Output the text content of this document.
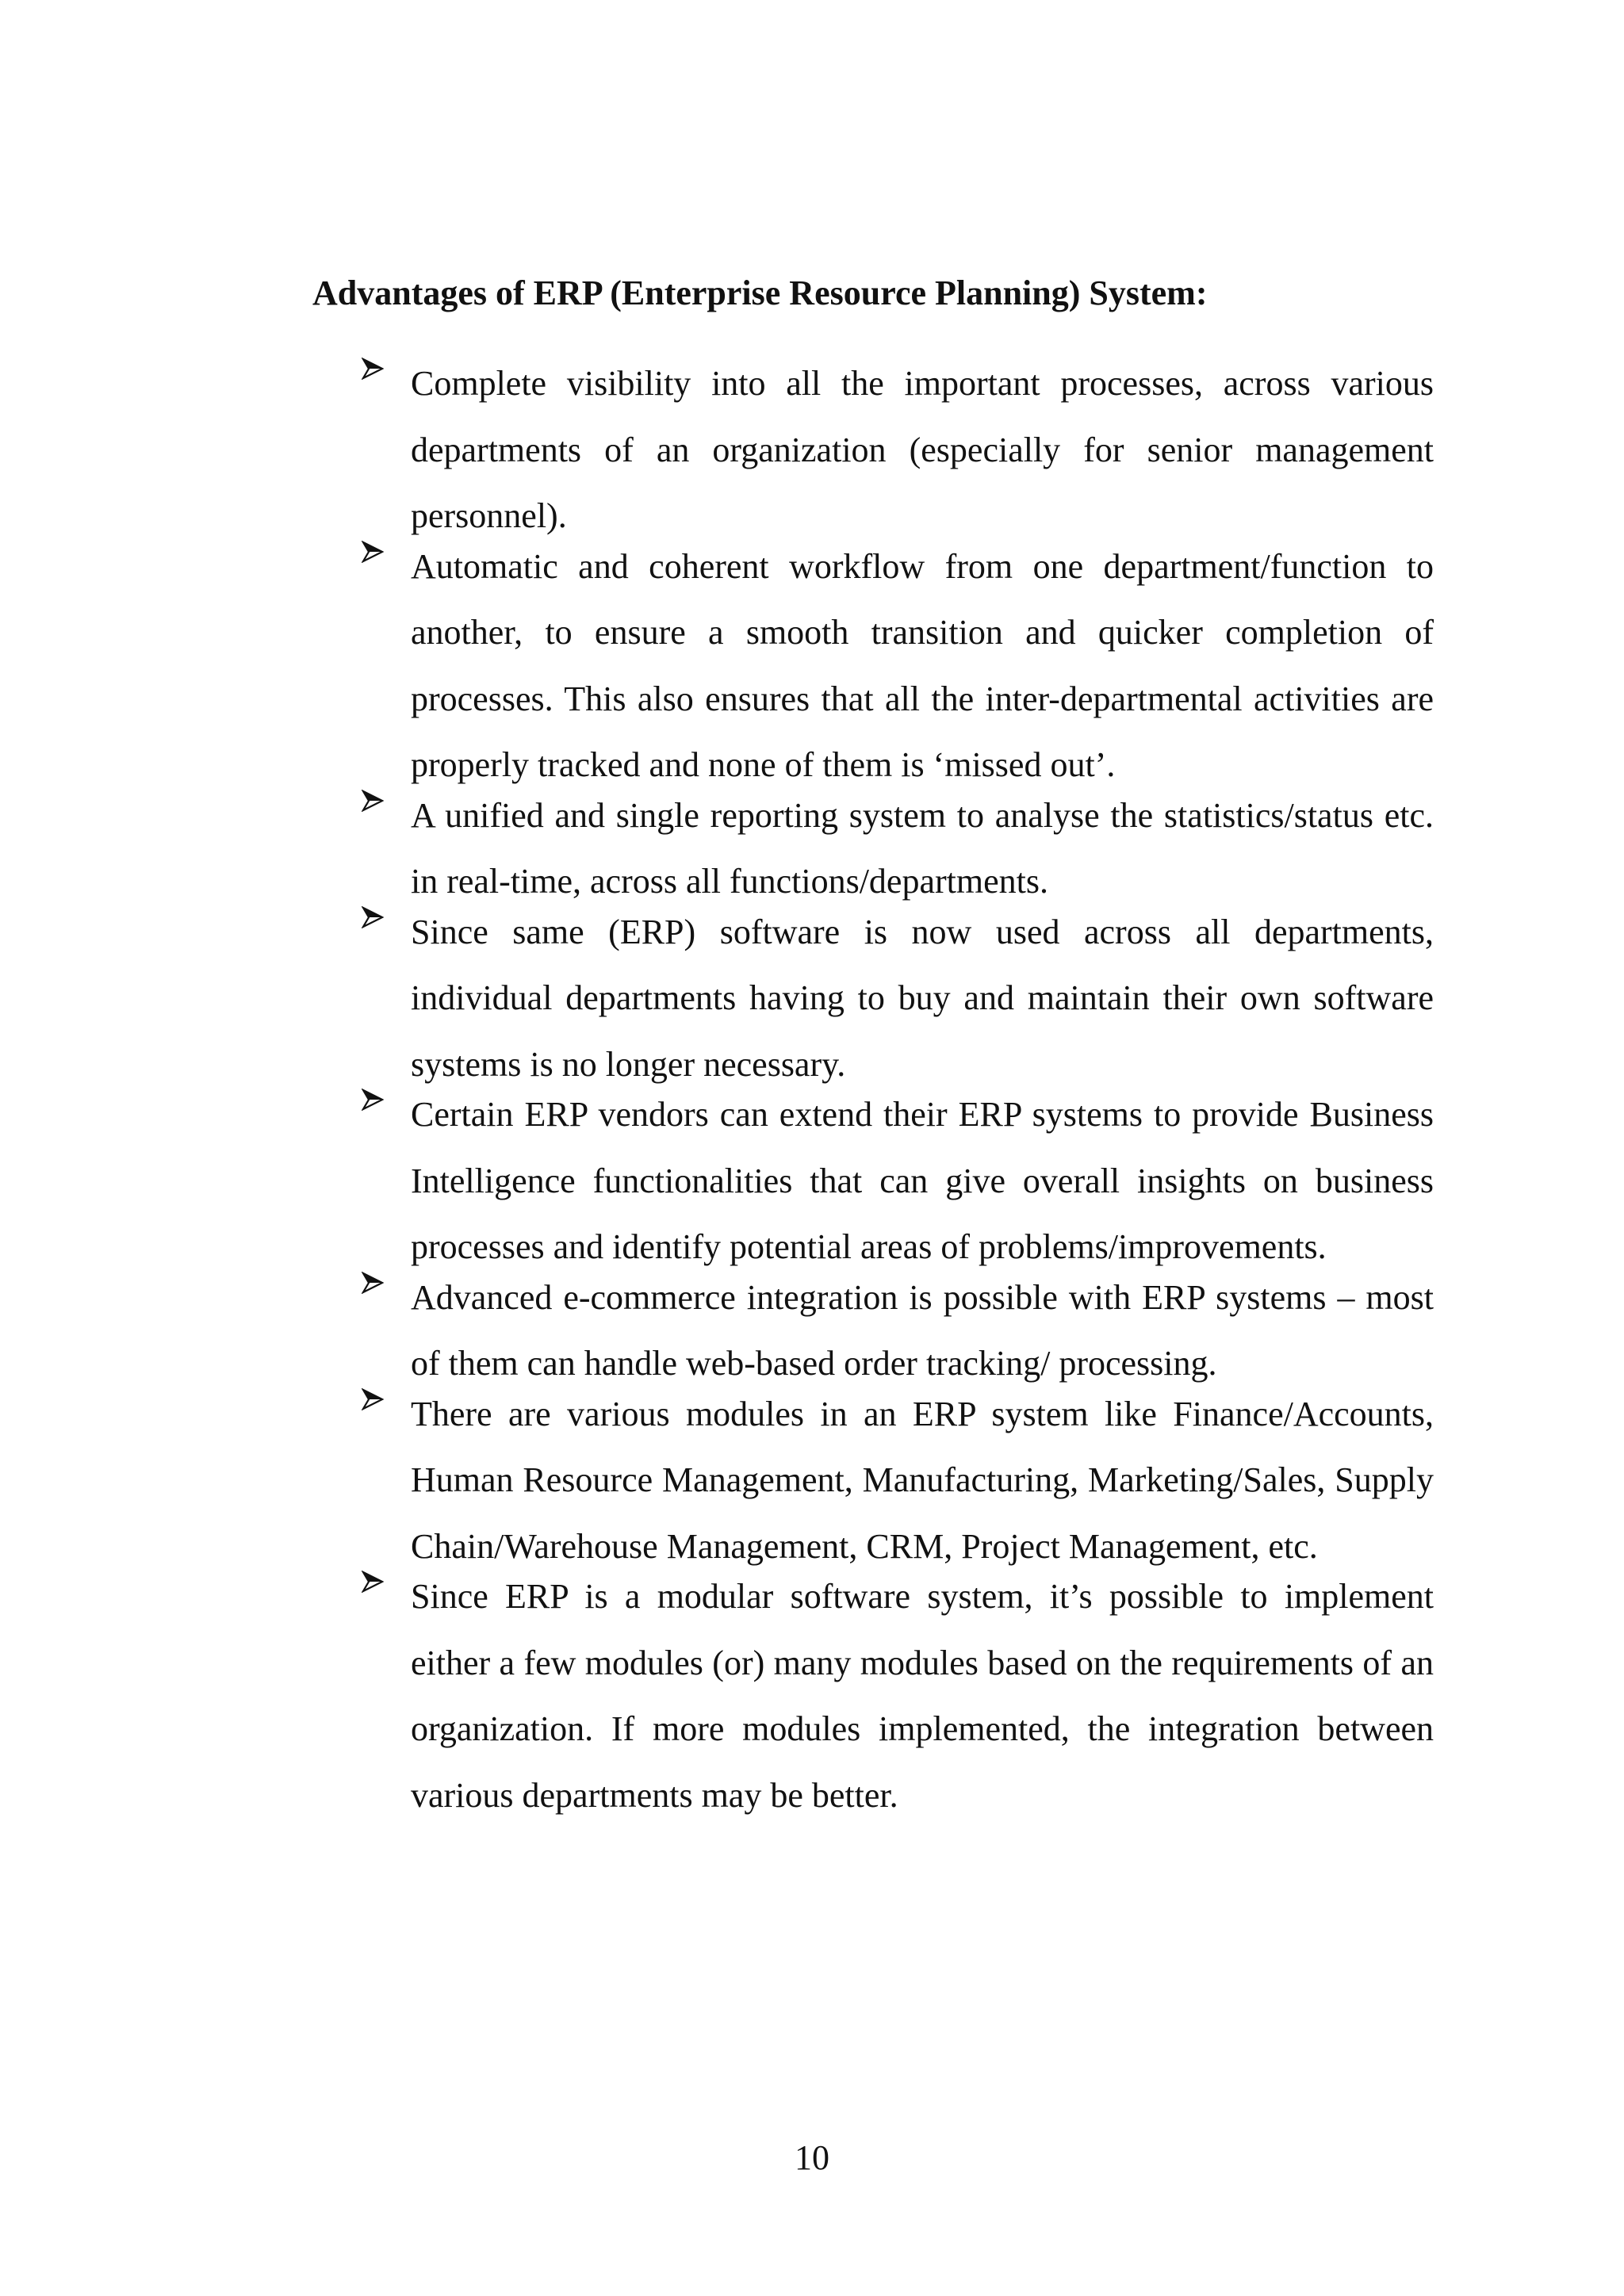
Advantages of ERP (Enterprise Resource Planning) System:
Complete visibility into all the important processes, across various departments of an organization (especially for senior management personnel).
Automatic and coherent workflow from one department/function to another, to ensure a smooth transition and quicker completion of processes. This also ensures that all the inter-departmental activities are properly tracked and none of them is ‘missed out’.
A unified and single reporting system to analyse the statistics/status etc. in real-time, across all functions/departments.
Since same (ERP) software is now used across all departments, individual departments having to buy and maintain their own software systems is no longer necessary.
Certain ERP vendors can extend their ERP systems to provide Business Intelligence functionalities that can give overall insights on business processes and identify potential areas of problems/improvements.
Advanced e-commerce integration is possible with ERP systems – most of them can handle web-based order tracking/ processing.
There are various modules in an ERP system like Finance/Accounts, Human Resource Management, Manufacturing, Marketing/Sales, Supply Chain/Warehouse Management, CRM, Project Management, etc.
Since ERP is a modular software system, it’s possible to implement either a few modules (or) many modules based on the requirements of an organization. If more modules implemented, the integration between various departments may be better.
10
